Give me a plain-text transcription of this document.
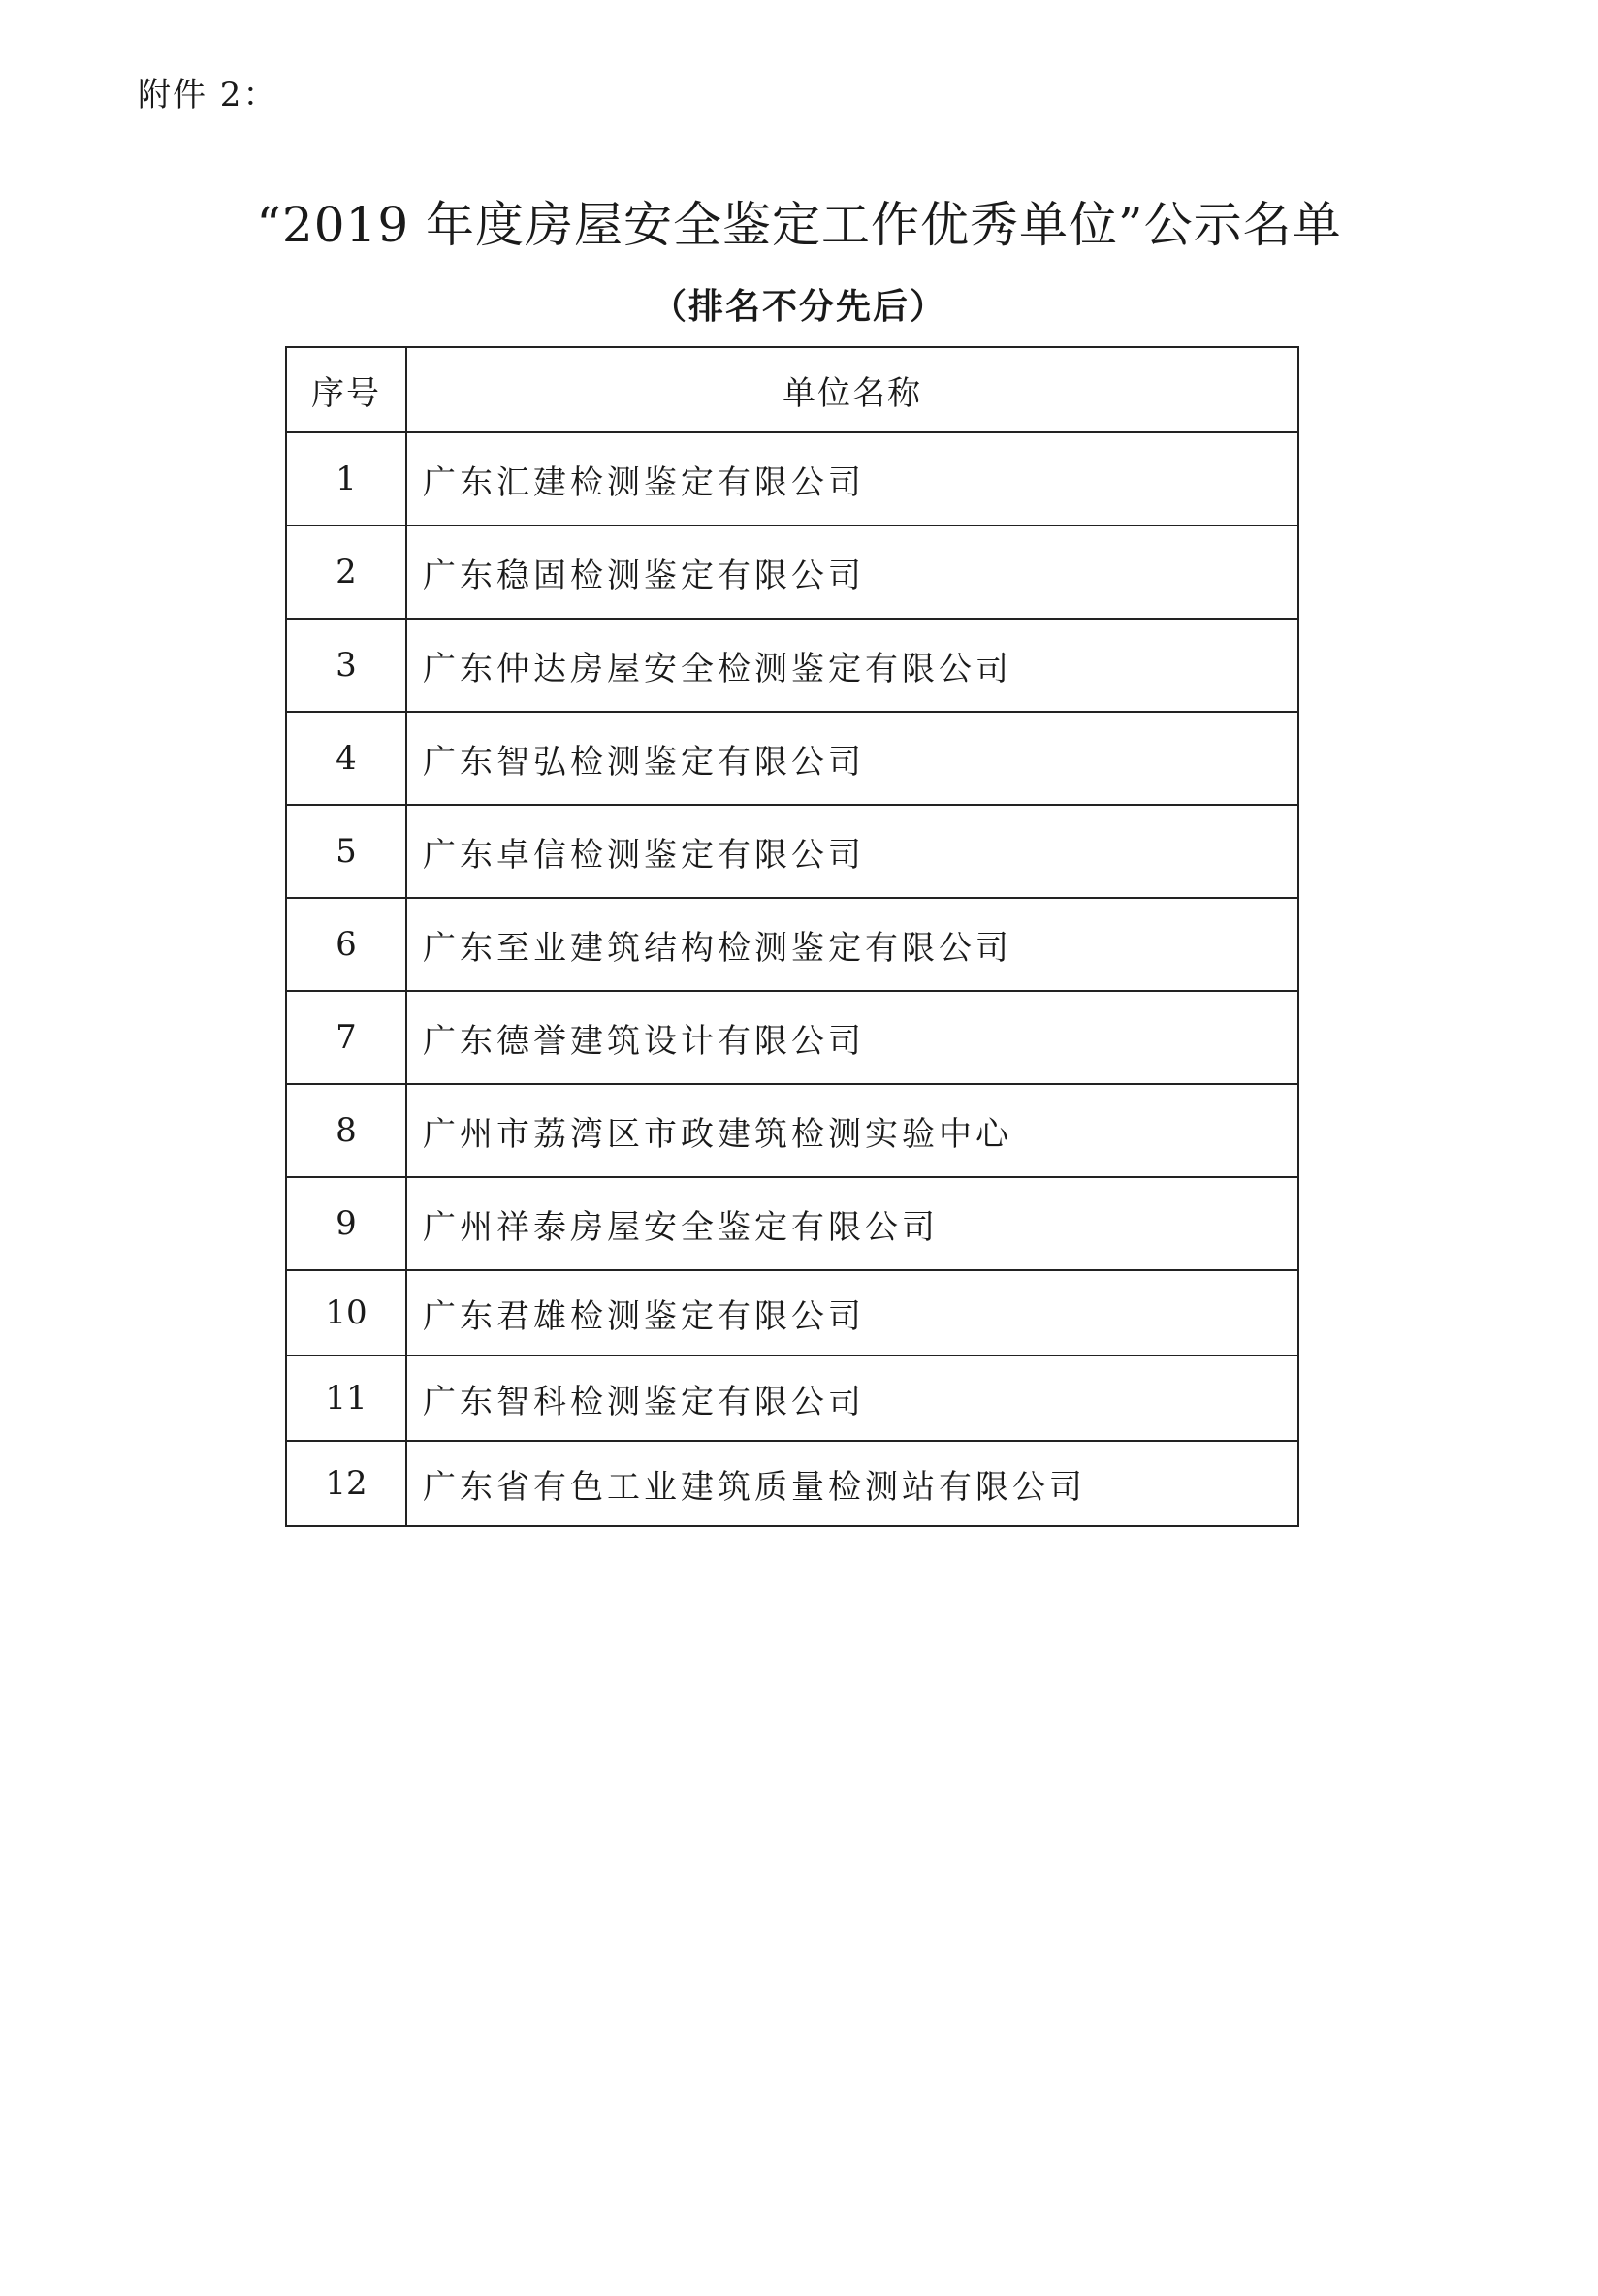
附件 2：
“2019 年度房屋安全鉴定工作优秀单位”公示名单
（排名不分先后）
序号	单位名称
1	广东汇建检测鉴定有限公司
2	广东稳固检测鉴定有限公司
3	广东仲达房屋安全检测鉴定有限公司
4	广东智弘检测鉴定有限公司
5	广东卓信检测鉴定有限公司
6	广东至业建筑结构检测鉴定有限公司
7	广东德誉建筑设计有限公司
8	广州市荔湾区市政建筑检测实验中心
9	广州祥泰房屋安全鉴定有限公司
10	广东君雄检测鉴定有限公司
11	广东智科检测鉴定有限公司
12	广东省有色工业建筑质量检测站有限公司
